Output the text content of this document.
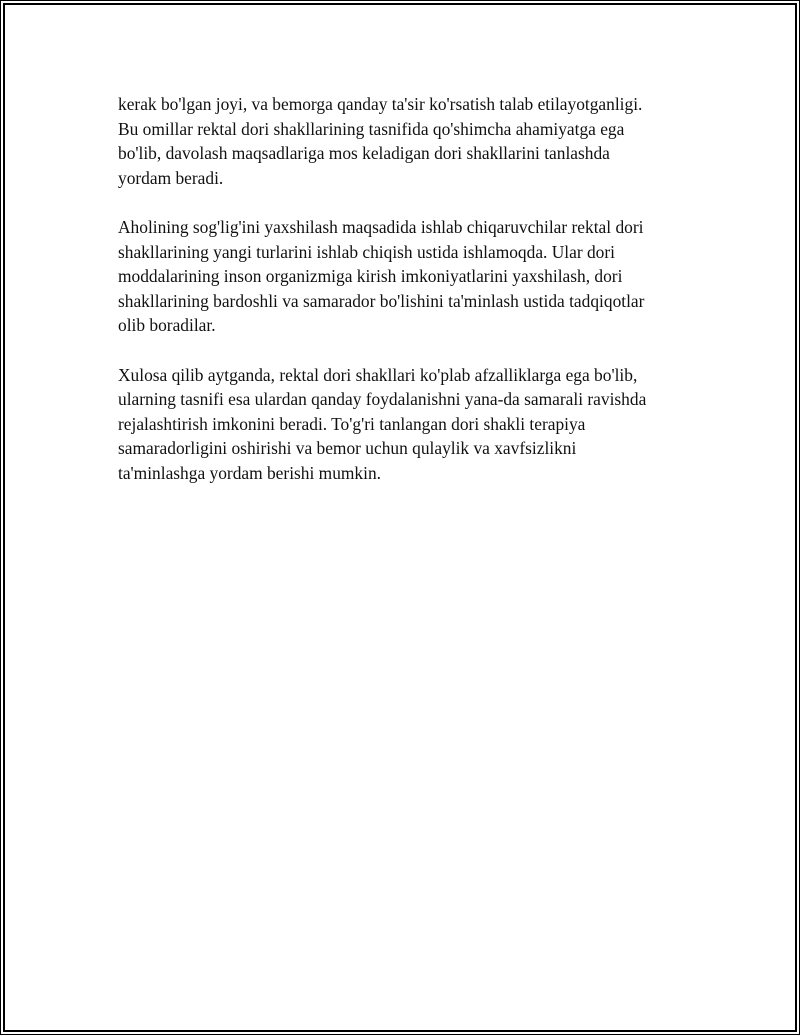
kerak bo'lgan joyi, va bemorga qanday ta'sir ko'rsatish talab etilayotganligi.
Bu omillar rektal dori shakllarining tasnifida qo'shimcha ahamiyatga ega
bo'lib, davolash maqsadlariga mos keladigan dori shakllarini tanlashda
yordam beradi.

Aholining sog'lig'ini yaxshilash maqsadida ishlab chiqaruvchilar rektal dori
shakllarining yangi turlarini ishlab chiqish ustida ishlamoqda. Ular dori
moddalarining inson organizmiga kirish imkoniyatlarini yaxshilash, dori
shakllarining bardoshli va samarador bo'lishini ta'minlash ustida tadqiqotlar
olib boradilar.

Xulosa qilib aytganda, rektal dori shakllari ko'plab afzalliklarga ega bo'lib,
ularning tasnifi esa ulardan qanday foydalanishni yana-da samarali ravishda
rejalashtirish imkonini beradi. To'g'ri tanlangan dori shakli terapiya
samaradorligini oshirishi va bemor uchun qulaylik va xavfsizlikni
ta'minlashga yordam berishi mumkin.
